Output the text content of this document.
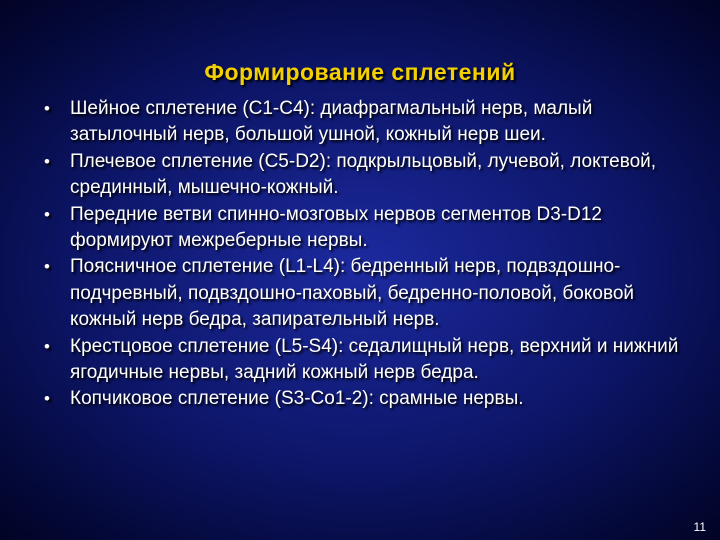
Формирование сплетений
• Шейное сплетение (С1-С4): диафрагмальный нерв, малый затылочный нерв, большой ушной, кожный нерв шеи.
• Плечевое сплетение (С5-D2): подкрыльцовый, лучевой, локтевой, срединный, мышечно-кожный.
• Передние ветви спинно-мозговых нервов сегментов D3-D12 формируют межреберные нервы.
• Поясничное сплетение (L1-L4): бедренный нерв, подвздошно-подчревный, подвздошно-паховый, бедренно-половой, боковой кожный нерв бедра, запирательный нерв.
• Крестцовое сплетение (L5-S4): седалищный нерв, верхний и нижний ягодичные нервы, задний кожный нерв бедра.
• Копчиковое сплетение (S3-Co1-2): срамные нервы.
11
